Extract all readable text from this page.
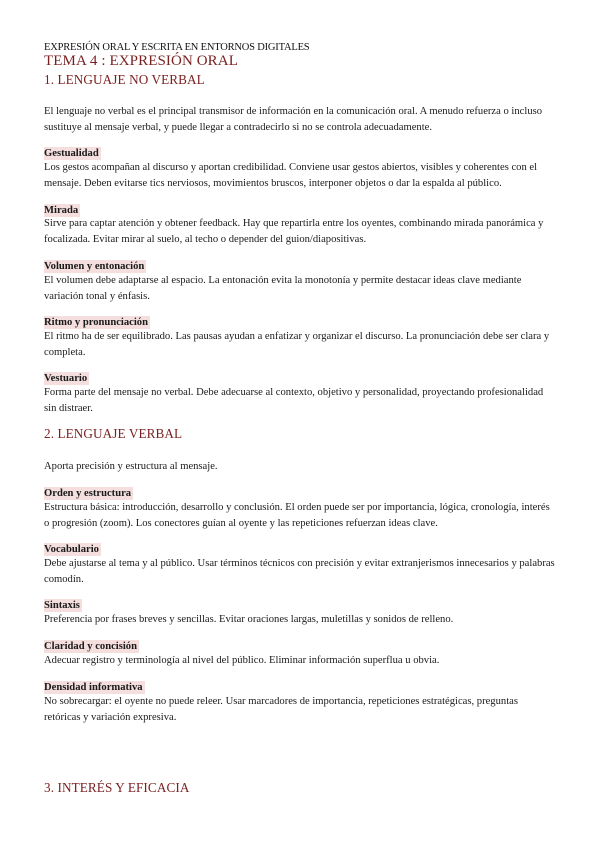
EXPRESIÓN ORAL Y ESCRITA EN ENTORNOS DIGITALES
TEMA 4 : EXPRESIÓN ORAL
1. LENGUAJE NO VERBAL

El lenguaje no verbal es el principal transmisor de información en la comunicación oral. A menudo refuerza o incluso sustituye al mensaje verbal, y puede llegar a contradecirlo si no se controla adecuadamente.

Gestualidad

Los gestos acompañan al discurso y aportan credibilidad. Conviene usar gestos abiertos, visibles y coherentes con el mensaje. Deben evitarse tics nerviosos, movimientos bruscos, interponer objetos o dar la espalda al público.

Mirada

Sirve para captar atención y obtener feedback. Hay que repartirla entre los oyentes, combinando mirada panorámica y focalizada. Evitar mirar al suelo, al techo o depender del guion/diapositivas.

Volumen y entonación

El volumen debe adaptarse al espacio. La entonación evita la monotonía y permite destacar ideas clave mediante variación tonal y énfasis.

Ritmo y pronunciación

El ritmo ha de ser equilibrado. Las pausas ayudan a enfatizar y organizar el discurso. La pronunciación debe ser clara y completa.

Vestuario

Forma parte del mensaje no verbal. Debe adecuarse al contexto, objetivo y personalidad, proyectando profesionalidad sin distraer.

2. LENGUAJE VERBAL

Aporta precisión y estructura al mensaje.

Orden y estructura

Estructura básica: introducción, desarrollo y conclusión. El orden puede ser por importancia, lógica, cronología, interés o progresión (zoom). Los conectores guían al oyente y las repeticiones refuerzan ideas clave.

Vocabulario

Debe ajustarse al tema y al público. Usar términos técnicos con precisión y evitar extranjerismos innecesarios y palabras comodín.

Sintaxis

Preferencia por frases breves y sencillas. Evitar oraciones largas, muletillas y sonidos de relleno.

Claridad y concisión

Adecuar registro y terminología al nivel del público. Eliminar información superflua u obvia.

Densidad informativa

No sobrecargar: el oyente no puede releer. Usar marcadores de importancia, repeticiones estratégicas, preguntas retóricas y variación expresiva.

3. INTERÉS Y EFICACIA
